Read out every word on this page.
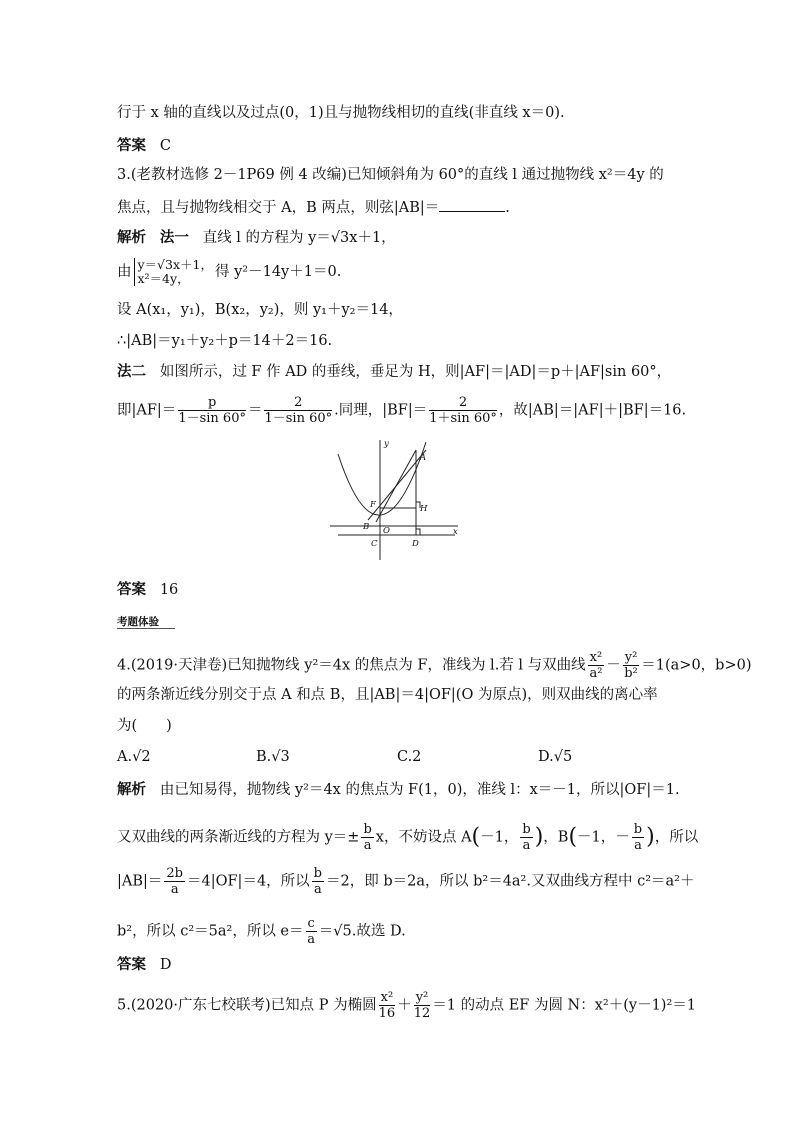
行于 x 轴的直线以及过点(0，1)且与抛物线相切的直线(非直线 x＝0).
答案 C
3.(老教材选修 2－1P69 例 4 改编)已知倾斜角为 60°的直线 l 通过抛物线 x²＝4y 的
焦点，且与抛物线相交于 A，B 两点，则弦|AB|＝	.
解析 法一 直线 l 的方程为 y＝√3x＋1，
由 y＝√3x＋1，
x²＝4y，	得 y²－14y＋1＝0.
设 A(x₁，y₁)，B(x₂，y₂)，则 y₁＋y₂＝14，
∴|AB|＝y₁＋y₂＋p＝14＋2＝16.
法二 如图所示，过 F 作 AD 的垂线，垂足为 H，则|AF|＝|AD|＝p＋|AF|sin 60°，
即$|AF|= \frac{p}{1-\sin 60^\circ} = \frac{2}{1-\sin 60^\circ}$ .同理，$|BF|= \frac{2}{1+\sin 60^\circ}$ ，故|AB|＝|AF|＋|BF|＝16.
y
x
A
F	H
B O
C	D
答案 16
考题体验
4.(2019·天津卷)已知抛物线 y²＝4x 的焦点为 F，准线为 l.若 l 与双曲线 $\frac{\text{x²}}{\text{a²}} - \frac{\text{y²}}{\text{b²}} =1(a>0$，b>0)
的两条渐近线分别交于点 A 和点 B，且|AB|＝4|OF|(O 为原点)，则双曲线的离心率
为(　　)
A.√2	B.√3	C.2	D.√5
解析 由已知易得，抛物线 y²＝4x 的焦点为 F(1，0)，准线 l：x＝－1，所以|OF|＝1.
又双曲线的两条渐近线的方程为 $y=\pm \frac{b}{a}$ x，不妨设点 A(－1， $\frac{b}{a}$ )，B(－1，－ $\frac{b}{a}$ )，所以
$|AB|= \frac{2b}{a} =4|OF|=4$，所以 $\frac{b}{a} =2$，即 b＝2a，所以 b²＝4a².又双曲线方程中 c²＝a²＋
b²，所以 c²＝5a²，所以 $e= \frac{c}{a} =√5$.故选 D.
答案 D
5.(2020·广东七校联考)已知点 P 为椭圆 $\frac{\text{x²}}{16} + \frac{\text{y²}}{12} =1$ 的动点 EF 为圆 N：x²＋(y－1)²＝1
